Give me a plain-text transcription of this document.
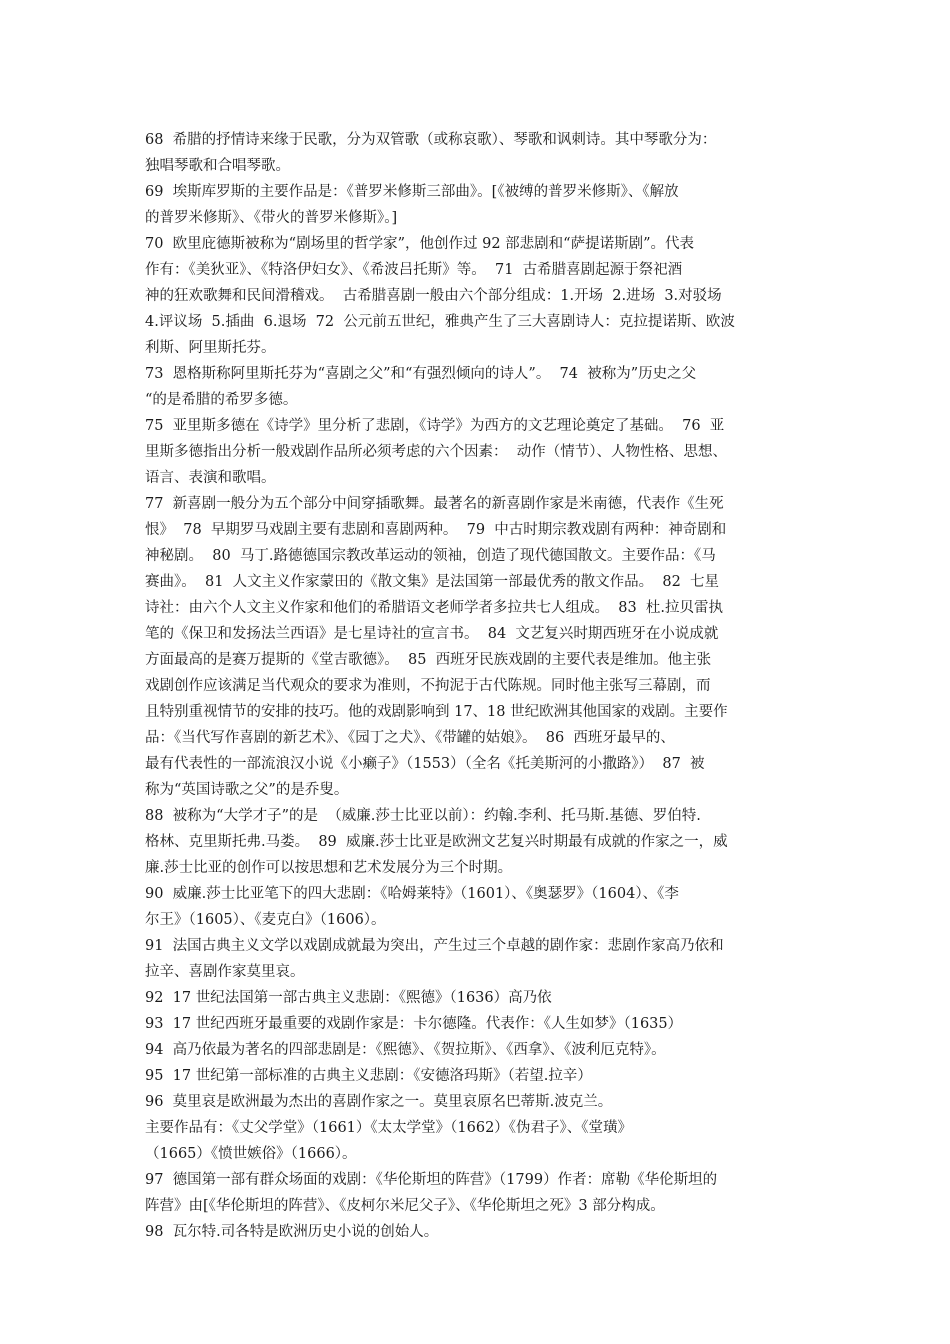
68  希腊的抒情诗来缘于民歌，分为双管歌（或称哀歌）、琴歌和讽刺诗。其中琴歌分为：
独唱琴歌和合唱琴歌。
69  埃斯库罗斯的主要作品是：《普罗米修斯三部曲》。[《被缚的普罗米修斯》、《解放
的普罗米修斯》、《带火的普罗米修斯》。]
70  欧里庇德斯被称为“剧场里的哲学家”，他创作过 92 部悲剧和“萨提诺斯剧”。代表
作有：《美狄亚》、《特洛伊妇女》、《希波吕托斯》等。  71  古希腊喜剧起源于祭祀酒
神的狂欢歌舞和民间滑稽戏。  古希腊喜剧一般由六个部分组成：1.开场  2.进场  3.对驳场
4.评议场  5.插曲  6.退场  72  公元前五世纪，雅典产生了三大喜剧诗人：克拉提诺斯、欧波
利斯、阿里斯托芬。
73  恩格斯称阿里斯托芬为“喜剧之父”和“有强烈倾向的诗人”。  74  被称为”历史之父
“的是希腊的希罗多德。
75  亚里斯多德在《诗学》里分析了悲剧，《诗学》为西方的文艺理论奠定了基础。  76  亚
里斯多德指出分析一般戏剧作品所必须考虑的六个因素：  动作（情节）、人物性格、思想、
语言、表演和歌唱。
77  新喜剧一般分为五个部分中间穿插歌舞。最著名的新喜剧作家是米南德，代表作《生死
恨》  78  早期罗马戏剧主要有悲剧和喜剧两种。  79  中古时期宗教戏剧有两种：神奇剧和
神秘剧。  80  马丁.路德德国宗教改革运动的领袖，创造了现代德国散文。主要作品：《马
赛曲》。  81  人文主义作家蒙田的《散文集》是法国第一部最优秀的散文作品。  82  七星
诗社：由六个人文主义作家和他们的希腊语文老师学者多拉共七人组成。  83  杜.拉贝雷执
笔的《保卫和发扬法兰西语》是七星诗社的宣言书。  84  文艺复兴时期西班牙在小说成就
方面最高的是赛万提斯的《堂吉歌德》。  85  西班牙民族戏剧的主要代表是维加。他主张
戏剧创作应该满足当代观众的要求为准则，不拘泥于古代陈规。同时他主张写三幕剧，而
且特别重视情节的安排的技巧。他的戏剧影响到 17、18 世纪欧洲其他国家的戏剧。主要作
品：《当代写作喜剧的新艺术》、《园丁之犬》、《带罐的姑娘》。  86  西班牙最早的、
最有代表性的一部流浪汉小说《小癞子》（1553）（全名《托美斯河的小撒路》）  87  被
称为“英国诗歌之父”的是乔叟。
88  被称为“大学才子”的是  （威廉.莎士比亚以前）：约翰.李利、托马斯.基德、罗伯特.
格林、克里斯托弗.马娄。  89  威廉.莎士比亚是欧洲文艺复兴时期最有成就的作家之一，威
廉.莎士比亚的创作可以按思想和艺术发展分为三个时期。
90  威廉.莎士比亚笔下的四大悲剧：《哈姆莱特》（1601）、《奥瑟罗》（1604）、《李
尔王》（1605）、《麦克白》（1606）。
91  法国古典主义文学以戏剧成就最为突出，产生过三个卓越的剧作家：悲剧作家高乃依和
拉辛、喜剧作家莫里哀。
92  17 世纪法国第一部古典主义悲剧：《熙德》（1636）高乃依
93  17 世纪西班牙最重要的戏剧作家是：卡尔德隆。代表作：《人生如梦》（1635）
94  高乃依最为著名的四部悲剧是：《熙德》、《贺拉斯》、《西拿》、《波利厄克特》。
95  17 世纪第一部标准的古典主义悲剧：《安德洛玛斯》（若望.拉辛）
96  莫里哀是欧洲最为杰出的喜剧作家之一。莫里哀原名巴蒂斯.波克兰。
主要作品有：《丈父学堂》（1661）《太太学堂》（1662）《伪君子》、《堂璜》
（1665）《愤世嫉俗》（1666）。
97  德国第一部有群众场面的戏剧：《华伦斯坦的阵营》（1799）作者：席勒《华伦斯坦的
阵营》由[《华伦斯坦的阵营》、《皮柯尔米尼父子》、《华伦斯坦之死》3 部分构成。
98  瓦尔特.司各特是欧洲历史小说的创始人。
